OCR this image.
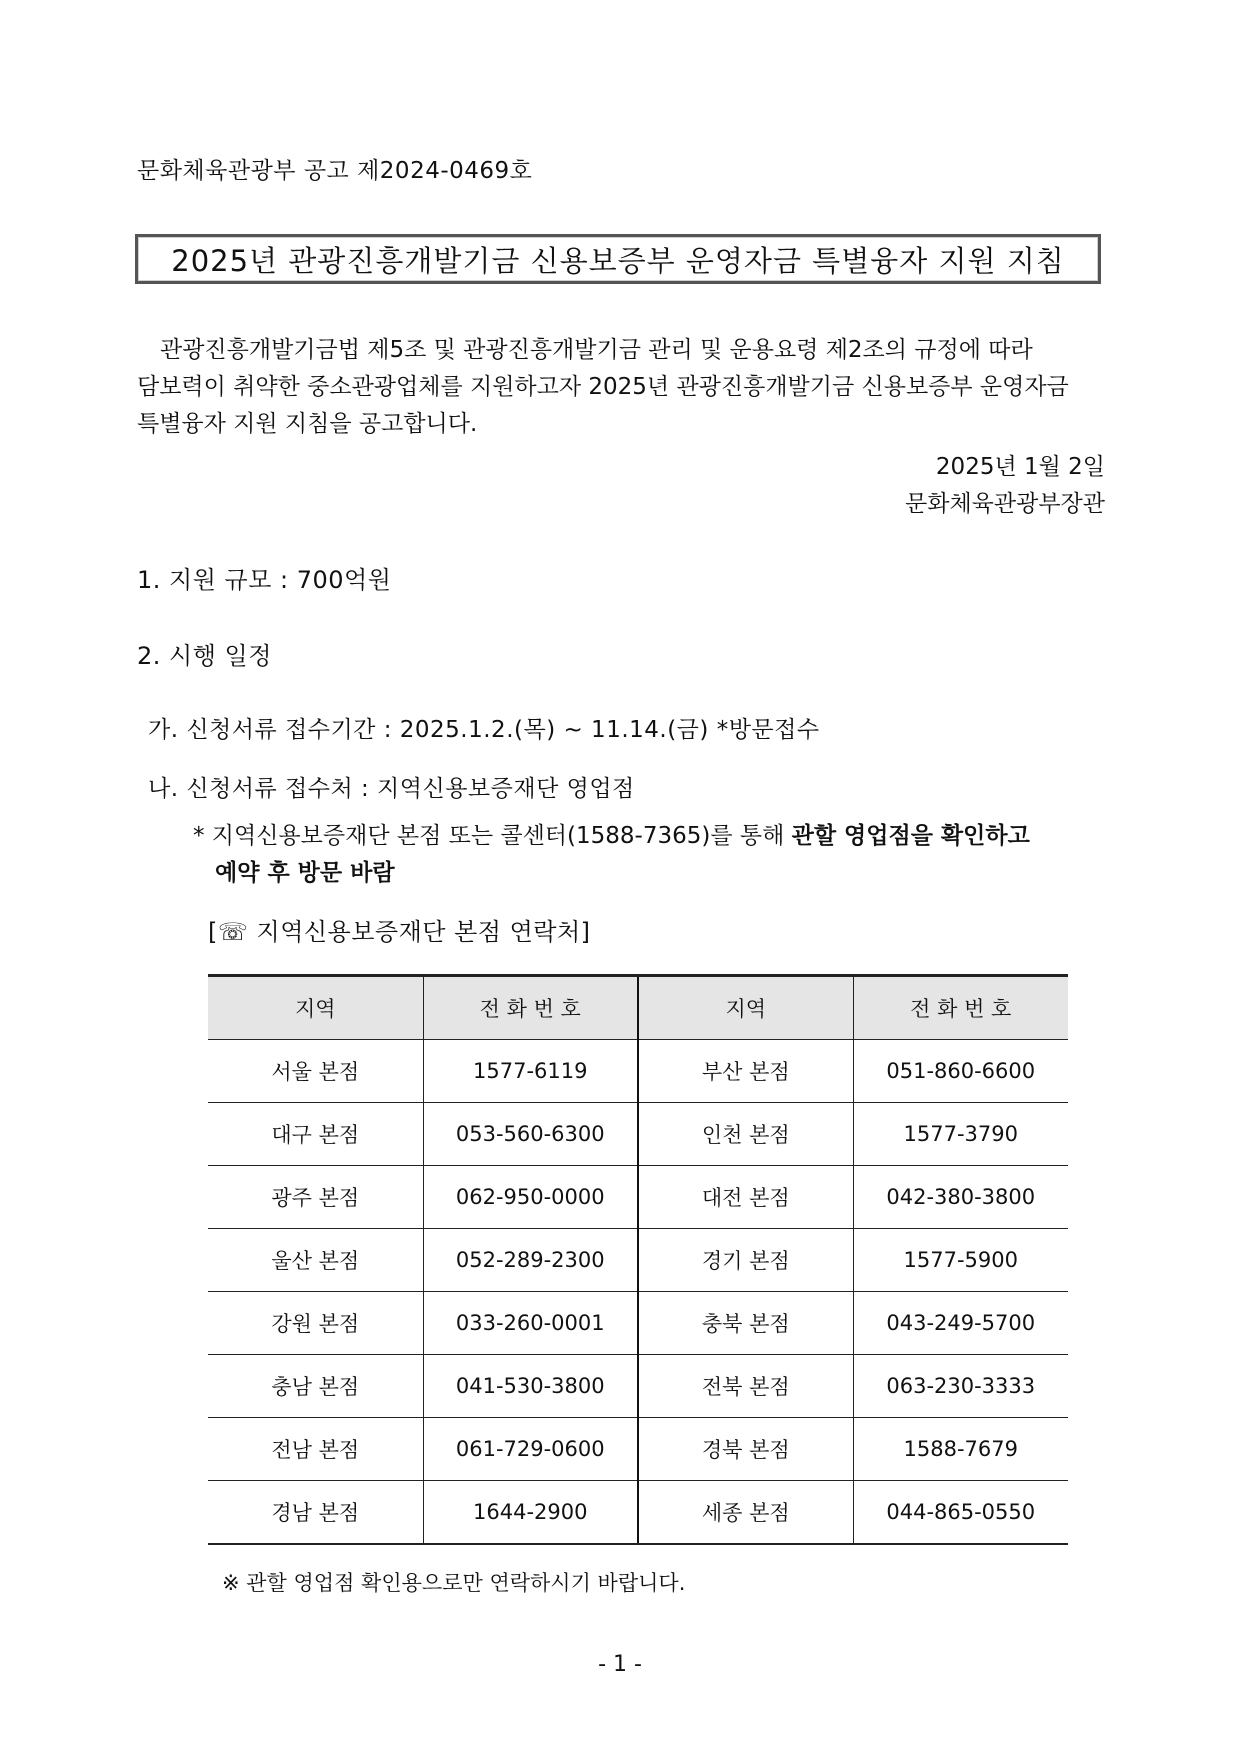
문화체육관광부 공고 제2024-0469호
2025년 관광진흥개발기금 신용보증부 운영자금 특별융자 지원 지침

관광진흥개발기금법 제5조 및 관광진흥개발기금 관리 및 운용요령 제2조의 규정에 따라

담보력이 취약한 중소관광업체를 지원하고자 2025년 관광진흥개발기금 신용보증부 운영자금

특별융자 지원 지침을 공고합니다.

2025년 1월 2일
문화체육관광부장관
1. 지원 규모 : 700억원
2. 시행 일정
가. 신청서류 접수기간 : 2025.1.2.(목) ~ 11.14.(금) *방문접수
나. 신청서류 접수처 : 지역신용보증재단 영업점
* 지역신용보증재단 본점 또는 콜센터(1588-7365)를 통해 관할 영업점을 확인하고
예약 후 방문 바람
[☏ 지역신용보증재단 본점 연락처]
지역	전 화 번 호	지역	전 화 번 호
서울 본점	1577-6119	부산 본점	051-860-6600
대구 본점	053-560-6300	인천 본점	1577-3790
광주 본점	062-950-0000	대전 본점	042-380-3800
울산 본점	052-289-2300	경기 본점	1577-5900
강원 본점	033-260-0001	충북 본점	043-249-5700
충남 본점	041-530-3800	전북 본점	063-230-3333
전남 본점	061-729-0600	경북 본점	1588-7679
경남 본점	1644-2900	세종 본점	044-865-0550
※ 관할 영업점 확인용으로만 연락하시기 바랍니다.
- 1 -
